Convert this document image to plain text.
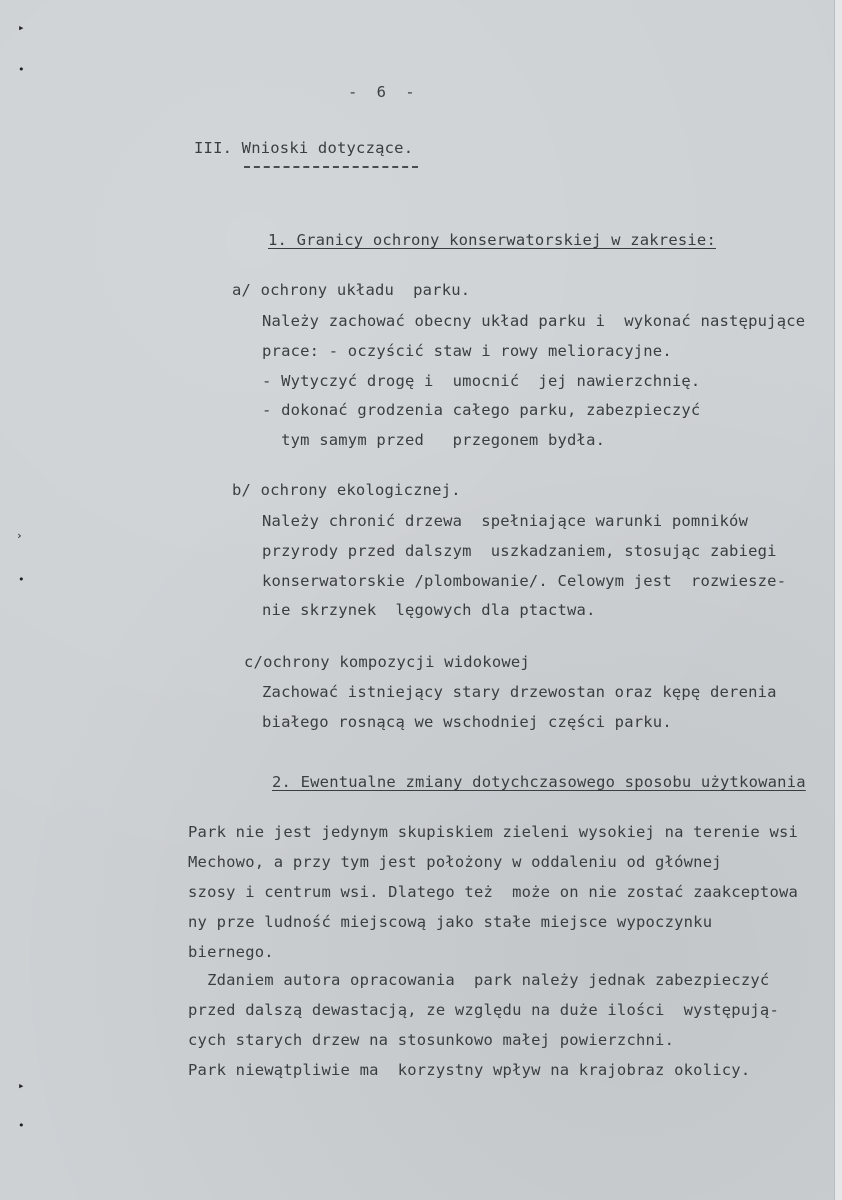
▸
•
›
•
▸
•
-  6  -
III. Wnioski dotyczące.
1. Granicy ochrony konserwatorskiej w zakresie:
a/ ochrony układu  parku.
Należy zachować obecny układ parku i  wykonać następujące
prace: - oczyścić staw i rowy melioracyjne.
- Wytyczyć drogę i  umocnić  jej nawierzchnię.
- dokonać grodzenia całego parku, zabezpieczyć
tym samym przed   przegonem bydła.
b/ ochrony ekologicznej.
Należy chronić drzewa  spełniające warunki pomników
przyrody przed dalszym  uszkadzaniem, stosując zabiegi
konserwatorskie /plombowanie/. Celowym jest  rozwiesze-
nie skrzynek  lęgowych dla ptactwa.
c/ochrony kompozycji widokowej
Zachować istniejący stary drzewostan oraz kępę derenia
białego rosnącą we wschodniej części parku.
2. Ewentualne zmiany dotychczasowego sposobu użytkowania
Park nie jest jedynym skupiskiem zieleni wysokiej na terenie wsi
Mechowo, a przy tym jest położony w oddaleniu od głównej
szosy i centrum wsi. Dlatego też  może on nie zostać zaakceptowa
ny prze ludność miejscową jako stałe miejsce wypoczynku
biernego.
Zdaniem autora opracowania  park należy jednak zabezpieczyć
przed dalszą dewastacją, ze względu na duże ilości  występują-
cych starych drzew na stosunkowo małej powierzchni.
Park niewątpliwie ma  korzystny wpływ na krajobraz okolicy.
